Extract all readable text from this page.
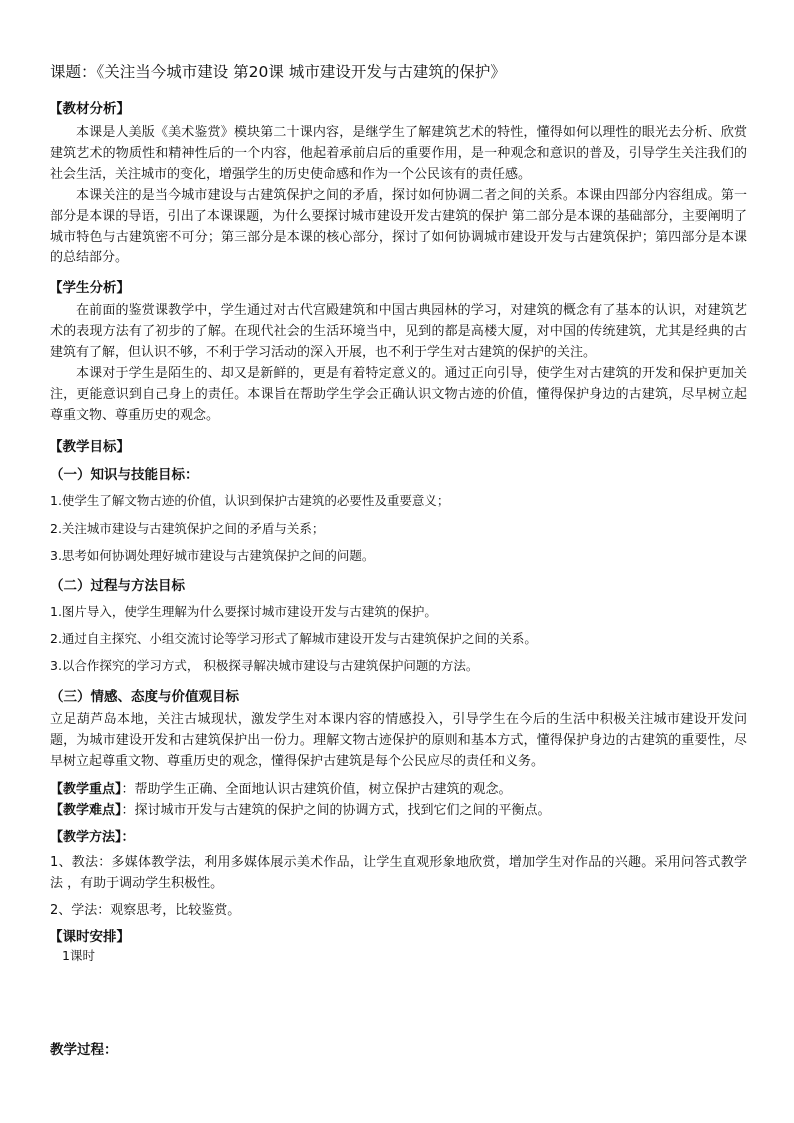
课题：《关注当今城市建设 第20课 城市建设开发与古建筑的保护》
【教材分析】
本课是人美版《美术鉴赏》模块第二十课内容，是继学生了解建筑艺术的特性，懂得如何以理性的眼光去分析、欣赏建筑艺术的物质性和精神性后的一个内容，他起着承前启后的重要作用，是一种观念和意识的普及，引导学生关注我们的社会生活，关注城市的变化，增强学生的历史使命感和作为一个公民该有的责任感。
本课关注的是当今城市建设与古建筑保护之间的矛盾，探讨如何协调二者之间的关系。本课由四部分内容组成。第一部分是本课的导语，引出了本课课题，为什么要探讨城市建设开发古建筑的保护 第二部分是本课的基础部分，主要阐明了城市特色与古建筑密不可分；第三部分是本课的核心部分，探讨了如何协调城市建设开发与古建筑保护；第四部分是本课的总结部分。
【学生分析】
在前面的鉴赏课教学中，学生通过对古代宫殿建筑和中国古典园林的学习，对建筑的概念有了基本的认识，对建筑艺术的表现方法有了初步的了解。在现代社会的生活环境当中，见到的都是高楼大厦，对中国的传统建筑，尤其是经典的古建筑有了解，但认识不够，不利于学习活动的深入开展，也不利于学生对古建筑的保护的关注。
本课对于学生是陌生的、却又是新鲜的，更是有着特定意义的。通过正向引导，使学生对古建筑的开发和保护更加关注，更能意识到自己身上的责任。本课旨在帮助学生学会正确认识文物古迹的价值，懂得保护身边的古建筑，尽早树立起尊重文物、尊重历史的观念。
【教学目标】
（一）知识与技能目标：
1.使学生了解文物古迹的价值，认识到保护古建筑的必要性及重要意义；
2.关注城市建设与古建筑保护之间的矛盾与关系；
3.思考如何协调处理好城市建设与古建筑保护之间的问题。
（二）过程与方法目标
1.图片导入，使学生理解为什么要探讨城市建设开发与古建筑的保护。
2.通过自主探究、小组交流讨论等学习形式了解城市建设开发与古建筑保护之间的关系。
3.以合作探究的学习方式， 积极探寻解决城市建设与古建筑保护问题的方法。
（三）情感、态度与价值观目标
立足葫芦岛本地，关注古城现状，激发学生对本课内容的情感投入，引导学生在今后的生活中积极关注城市建设开发问题，为城市建设开发和古建筑保护出一份力。理解文物古迹保护的原则和基本方式，懂得保护身边的古建筑的重要性，尽早树立起尊重文物、尊重历史的观念，懂得保护古建筑是每个公民应尽的责任和义务。
【教学重点】：帮助学生正确、全面地认识古建筑价值，树立保护古建筑的观念。
【教学难点】：探讨城市开发与古建筑的保护之间的协调方式，找到它们之间的平衡点。
【教学方法】：
1、教法：多媒体教学法，利用多媒体展示美术作品，让学生直观形象地欣赏，增加学生对作品的兴趣。采用问答式教学法 ，有助于调动学生积极性。
2、学法：观察思考，比较鉴赏。
【课时安排】
1课时
教学过程：
